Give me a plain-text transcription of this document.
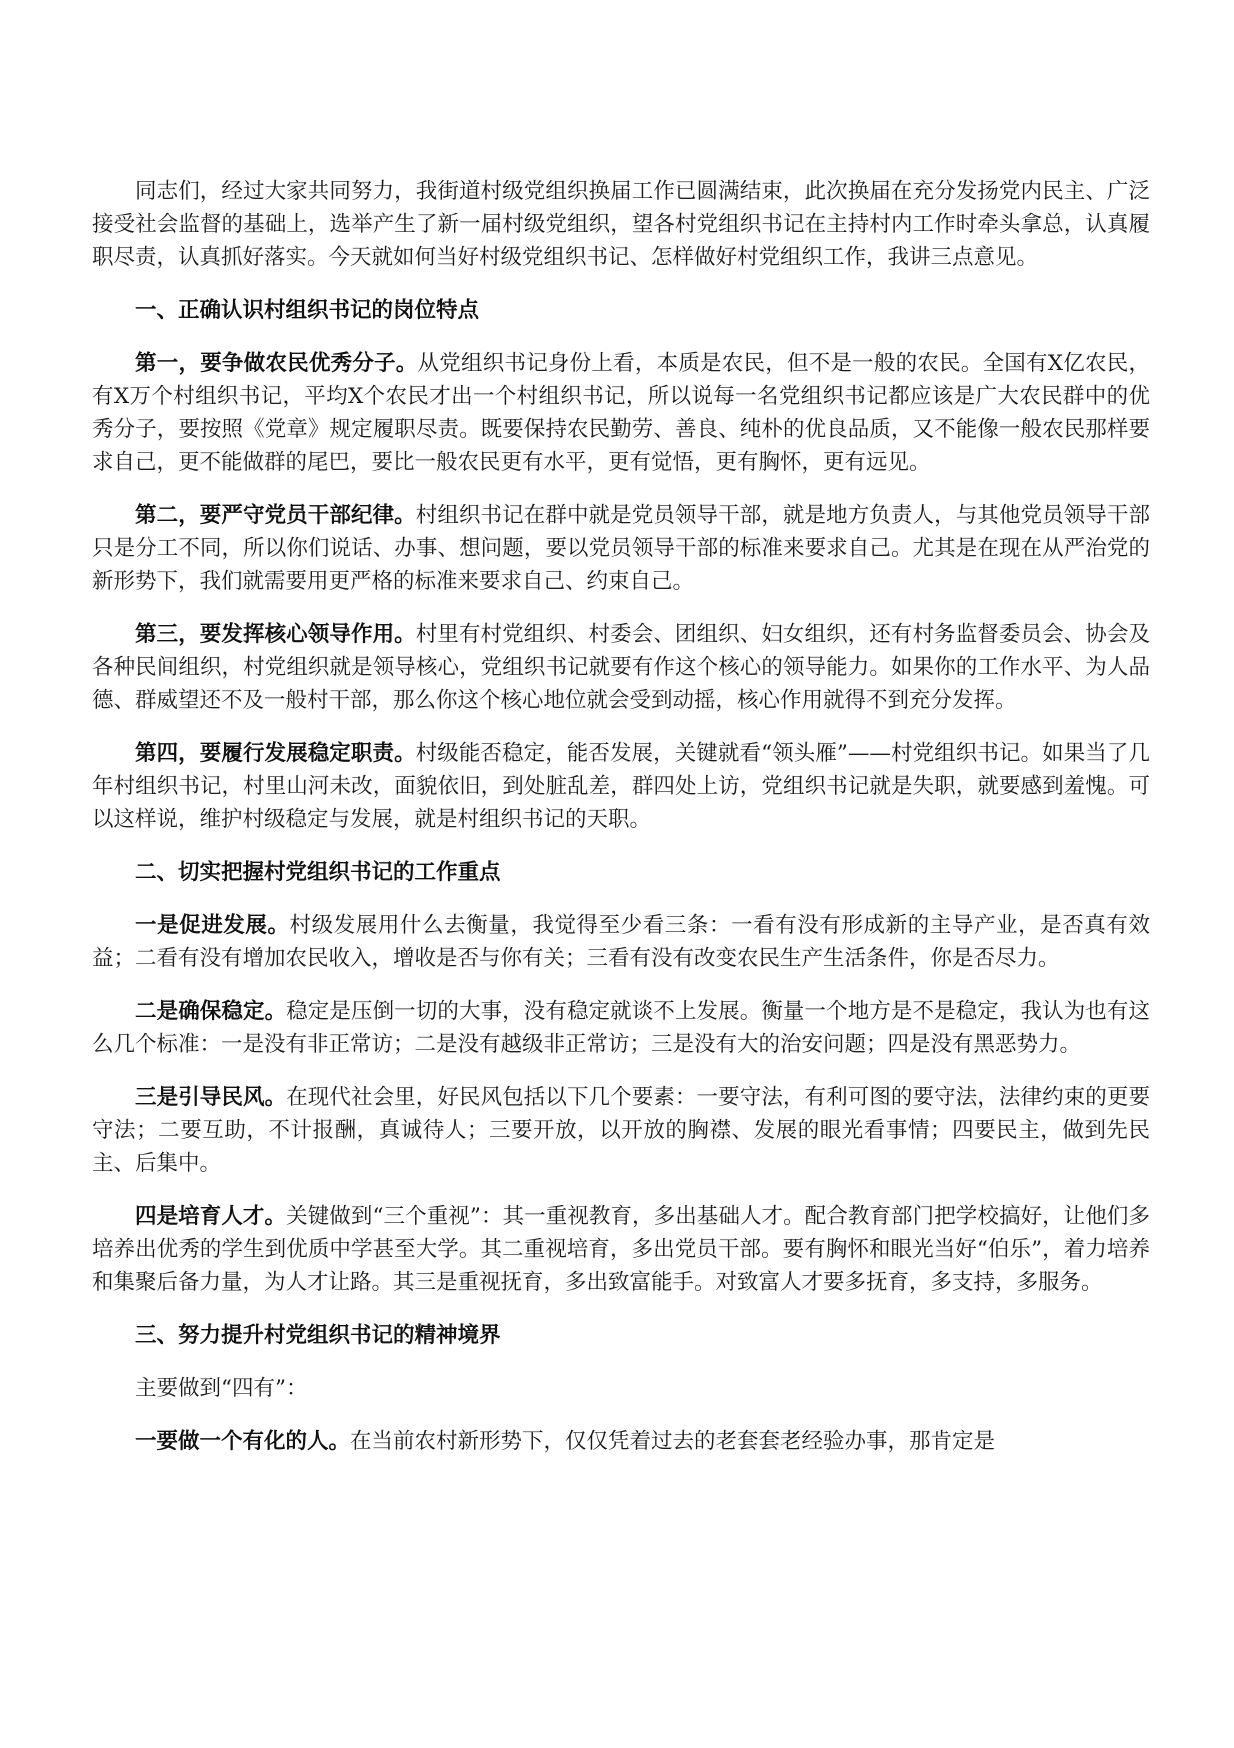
同志们，经过大家共同努力，我街道村级党组织换届工作已圆满结束，此次换届在充分发扬党内民主、广泛接受社会监督的基础上，选举产生了新一届村级党组织，望各村党组织书记在主持村内工作时牵头拿总，认真履职尽责，认真抓好落实。今天就如何当好村级党组织书记、怎样做好村党组织工作，我讲三点意见。

一、正确认识村组织书记的岗位特点

第一，要争做农民优秀分子。从党组织书记身份上看，本质是农民，但不是一般的农民。全国有X亿农民，有X万个村组织书记，平均X个农民才出一个村组织书记，所以说每一名党组织书记都应该是广大农民群中的优秀分子，要按照《党章》规定履职尽责。既要保持农民勤劳、善良、纯朴的优良品质，又不能像一般农民那样要求自己，更不能做群的尾巴，要比一般农民更有水平，更有觉悟，更有胸怀，更有远见。

第二，要严守党员干部纪律。村组织书记在群中就是党员领导干部，就是地方负责人，与其他党员领导干部只是分工不同，所以你们说话、办事、想问题，要以党员领导干部的标准来要求自己。尤其是在现在从严治党的新形势下，我们就需要用更严格的标准来要求自己、约束自己。

第三，要发挥核心领导作用。村里有村党组织、村委会、团组织、妇女组织，还有村务监督委员会、协会及各种民间组织，村党组织就是领导核心，党组织书记就要有作这个核心的领导能力。如果你的工作水平、为人品德、群威望还不及一般村干部，那么你这个核心地位就会受到动摇，核心作用就得不到充分发挥。

第四，要履行发展稳定职责。村级能否稳定，能否发展，关键就看“领头雁”——村党组织书记。如果当了几年村组织书记，村里山河未改，面貌依旧，到处脏乱差，群四处上访，党组织书记就是失职，就要感到羞愧。可以这样说，维护村级稳定与发展，就是村组织书记的天职。

二、切实把握村党组织书记的工作重点

一是促进发展。村级发展用什么去衡量，我觉得至少看三条：一看有没有形成新的主导产业，是否真有效益；二看有没有增加农民收入，增收是否与你有关；三看有没有改变农民生产生活条件，你是否尽力。

二是确保稳定。稳定是压倒一切的大事，没有稳定就谈不上发展。衡量一个地方是不是稳定，我认为也有这么几个标准：一是没有非正常访；二是没有越级非正常访；三是没有大的治安问题；四是没有黑恶势力。

三是引导民风。在现代社会里，好民风包括以下几个要素：一要守法，有利可图的要守法，法律约束的更要守法；二要互助，不计报酬，真诚待人；三要开放，以开放的胸襟、发展的眼光看事情；四要民主，做到先民主、后集中。

四是培育人才。关键做到“三个重视”：其一重视教育，多出基础人才。配合教育部门把学校搞好，让他们多培养出优秀的学生到优质中学甚至大学。其二重视培育，多出党员干部。要有胸怀和眼光当好“伯乐”，着力培养和集聚后备力量，为人才让路。其三是重视抚育，多出致富能手。对致富人才要多抚育，多支持，多服务。

三、努力提升村党组织书记的精神境界

主要做到“四有”：

一要做一个有化的人。在当前农村新形势下，仅仅凭着过去的老套套老经验办事，那肯定是
